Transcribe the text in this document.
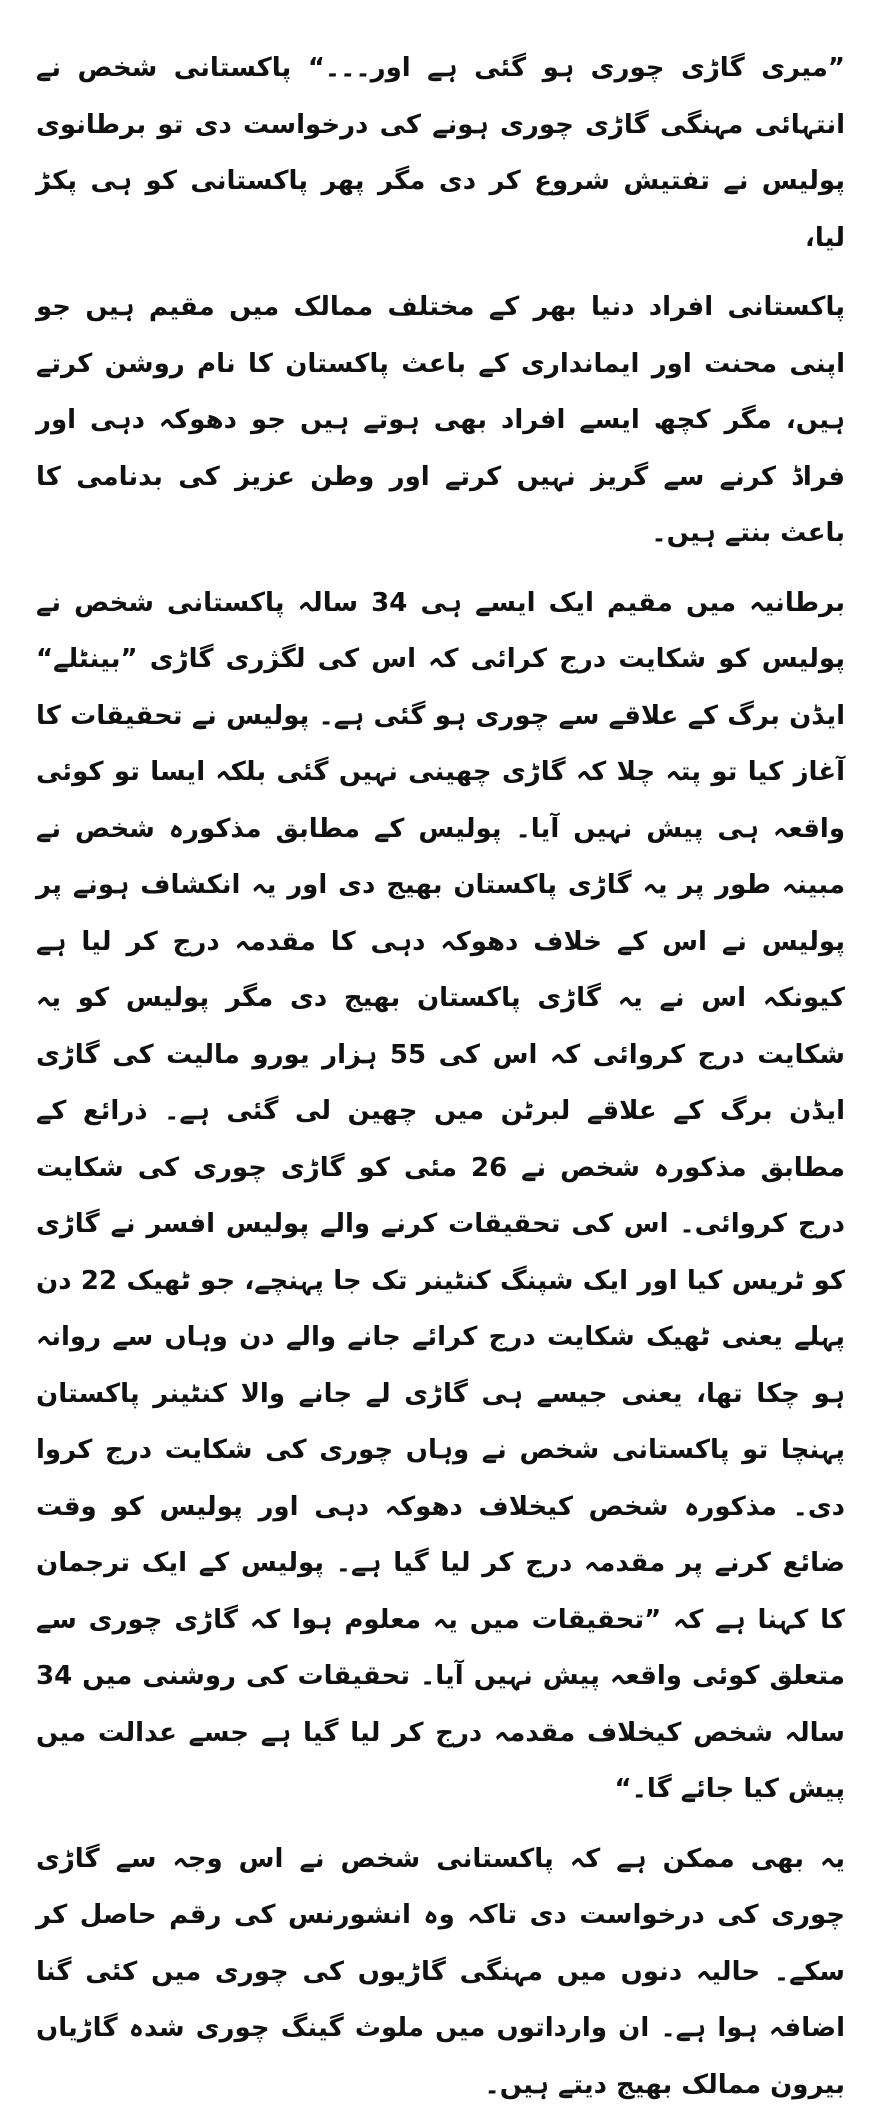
”میری گاڑی چوری ہو گئی ہے اور۔۔۔“ پاکستانی شخص نے انتہائی مہنگی گاڑی چوری ہونے کی درخواست دی تو برطانوی پولیس نے تفتیش شروع کر دی مگر پھر پاکستانی کو ہی پکڑ لیا،

پاکستانی افراد دنیا بھر کے مختلف ممالک میں مقیم ہیں جو اپنی محنت اور ایمانداری کے باعث پاکستان کا نام روشن کرتے ہیں، مگر کچھ ایسے افراد بھی ہوتے ہیں جو دھوکہ دہی اور فراڈ کرنے سے گریز نہیں کرتے اور وطن عزیز کی بدنامی کا باعث بنتے ہیں۔

برطانیہ میں مقیم ایک ایسے ہی 34 سالہ پاکستانی شخص نے پولیس کو شکایت درج کرائی کہ اس کی لگژری گاڑی ”بینٹلے“ ایڈن برگ کے علاقے سے چوری ہو گئی ہے۔ پولیس نے تحقیقات کا آغاز کیا تو پتہ چلا کہ گاڑی چھینی نہیں گئی بلکہ ایسا تو کوئی واقعہ ہی پیش نہیں آیا۔ پولیس کے مطابق مذکورہ شخص نے مبینہ طور پر یہ گاڑی پاکستان بھیج دی اور یہ انکشاف ہونے پر پولیس نے اس کے خلاف دھوکہ دہی کا مقدمہ درج کر لیا ہے کیونکہ اس نے یہ گاڑی پاکستان بھیج دی مگر پولیس کو یہ شکایت درج کروائی کہ اس کی 55 ہزار یورو مالیت کی گاڑی ایڈن برگ کے علاقے لبرٹن میں چھین لی گئی ہے۔ ذرائع کے مطابق مذکورہ شخص نے 26 مئی کو گاڑی چوری کی شکایت درج کروائی۔ اس کی تحقیقات کرنے والے پولیس افسر نے گاڑی کو ٹریس کیا اور ایک شپنگ کنٹینر تک جا پہنچے، جو ٹھیک 22 دن پہلے یعنی ٹھیک شکایت درج کرائے جانے والے دن وہاں سے روانہ ہو چکا تھا، یعنی جیسے ہی گاڑی لے جانے والا کنٹینر پاکستان پہنچا تو پاکستانی شخص نے وہاں چوری کی شکایت درج کروا دی۔ مذکورہ شخص کیخلاف دھوکہ دہی اور پولیس کو وقت ضائع کرنے پر مقدمہ درج کر لیا گیا ہے۔ پولیس کے ایک ترجمان کا کہنا ہے کہ ”تحقیقات میں یہ معلوم ہوا کہ گاڑی چوری سے متعلق کوئی واقعہ پیش نہیں آیا۔ تحقیقات کی روشنی میں 34 سالہ شخص کیخلاف مقدمہ درج کر لیا گیا ہے جسے عدالت میں پیش کیا جائے گا۔“

یہ بھی ممکن ہے کہ پاکستانی شخص نے اس وجہ سے گاڑی چوری کی درخواست دی تاکہ وہ انشورنس کی رقم حاصل کر سکے۔ حالیہ دنوں میں مہنگی گاڑیوں کی چوری میں کئی گنا اضافہ ہوا ہے۔ ان وارداتوں میں ملوث گینگ چوری شدہ گاڑیاں بیرون ممالک بھیج دیتے ہیں۔
